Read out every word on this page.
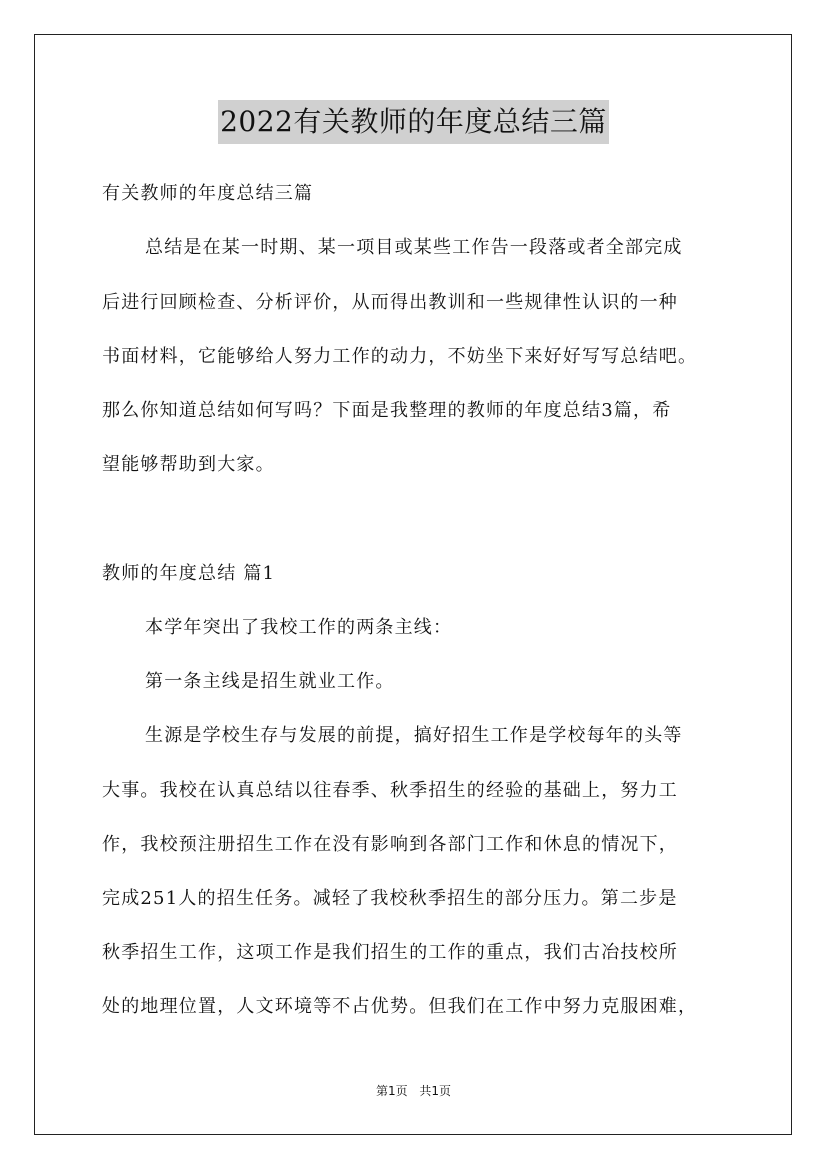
2022有关教师的年度总结三篇
有关教师的年度总结三篇
总结是在某一时期、某一项目或某些工作告一段落或者全部完成
后进行回顾检查、分析评价，从而得出教训和一些规律性认识的一种
书面材料，它能够给人努力工作的动力，不妨坐下来好好写写总结吧。
那么你知道总结如何写吗？下面是我整理的教师的年度总结3篇，希
望能够帮助到大家。
教师的年度总结 篇1
本学年突出了我校工作的两条主线：
第一条主线是招生就业工作。
生源是学校生存与发展的前提，搞好招生工作是学校每年的头等
大事。我校在认真总结以往春季、秋季招生的经验的基础上，努力工
作，我校预注册招生工作在没有影响到各部门工作和休息的情况下，
完成251人的招生任务。减轻了我校秋季招生的部分压力。第二步是
秋季招生工作，这项工作是我们招生的工作的重点，我们古冶技校所
处的地理位置，人文环境等不占优势。但我们在工作中努力克服困难，
第1页 共1页
